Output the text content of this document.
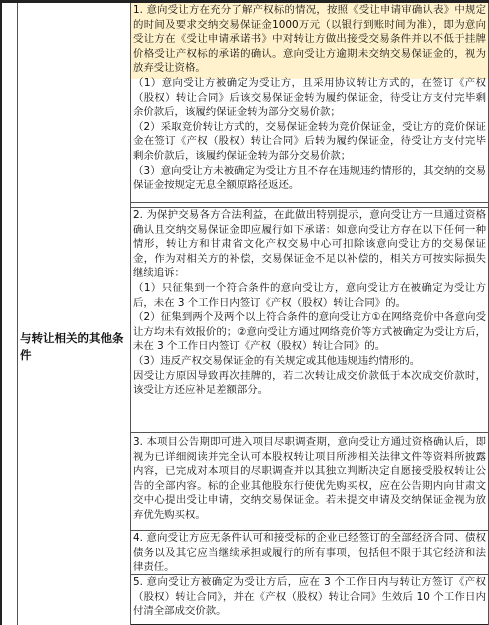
与转让相关的其他条件

1. 意向受让方在充分了解产权标的情况，按照《受让申请审确认表》中规定的时间及要求交纳交易保证金1000万元（以银行到账时间为准），即为意向受让方在《受让申请承诺书》中对转让方做出接受交易条件并以不低于挂牌价格受让产权标的承诺的确认。意向受让方逾期未交纳交易保证金的，视为放弃受让资格。

（1）意向受让方被确定为受让方，且采用协议转让方式的，在签订《产权（股权）转让合同》后该交易保证金转为履约保证金，待受让方支付完毕剩余价款后，该履约保证金转为部分交易价款；

（2）采取竞价转让方式的，交易保证金转为竞价保证金，受让方的竞价保证金在签订《产权（股权）转让合同》后转为履约保证金，待受让方支付完毕剩余价款后，该履约保证金转为部分交易价款；

（3）意向受让方未被确定为受让方且不存在违规违约情形的，其交纳的交易保证金按规定无息全额原路径返还。

2. 为保护交易各方合法利益，在此做出特别提示，意向受让方一旦通过资格确认且交纳交易保证金即应履行如下承诺：如意向受让方存在以下任何一种情形，转让方和甘肃省文化产权交易中心可扣除该意向受让方的交易保证金，作为对相关方的补偿，交易保证金不足以补偿的，相关方可按实际损失继续追诉：

（1）只征集到一个符合条件的意向受让方，意向受让方在被确定为受让方后，未在 3 个工作日内签订《产权（股权）转让合同》的。

（2）征集到两个及两个以上符合条件的意向受让方①在网络竞价中各意向受让方均未有效报价的；②意向受让方通过网络竞价等方式被确定为受让方后，未在 3 个工作日内签订《产权（股权）转让合同》的。

（3）违反产权交易保证金的有关规定或其他违规违约情形的。

因受让方原因导致再次挂牌的，若二次转让成交价款低于本次成交价款时，该受让方还应补足差额部分。

3. 本项目公告期即可进入项目尽职调查期，意向受让方通过资格确认后，即视为已详细阅读并完全认可本股权转让项目所涉相关法律文件等资料所披露内容，已完成对本项目的尽职调查并以其独立判断决定自愿接受股权转让公告的全部内容。标的企业其他股东行使优先购买权，应在公告期内向甘肃文交中心提出受让申请，交纳交易保证金。若未提交申请及交纳保证金视为放弃优先购买权。

4. 意向受让方应无条件认可和接受标的企业已经签订的全部经济合同、债权债务以及其它应当继续承担或履行的所有事项，包括但不限于其它经济和法律责任。

5. 意向受让方被确定为受让方后，应在 3 个工作日内与转让方签订《产权（股权）转让合同》，并在《产权（股权）转让合同》生效后 10 个工作日内付清全部成交价款。
